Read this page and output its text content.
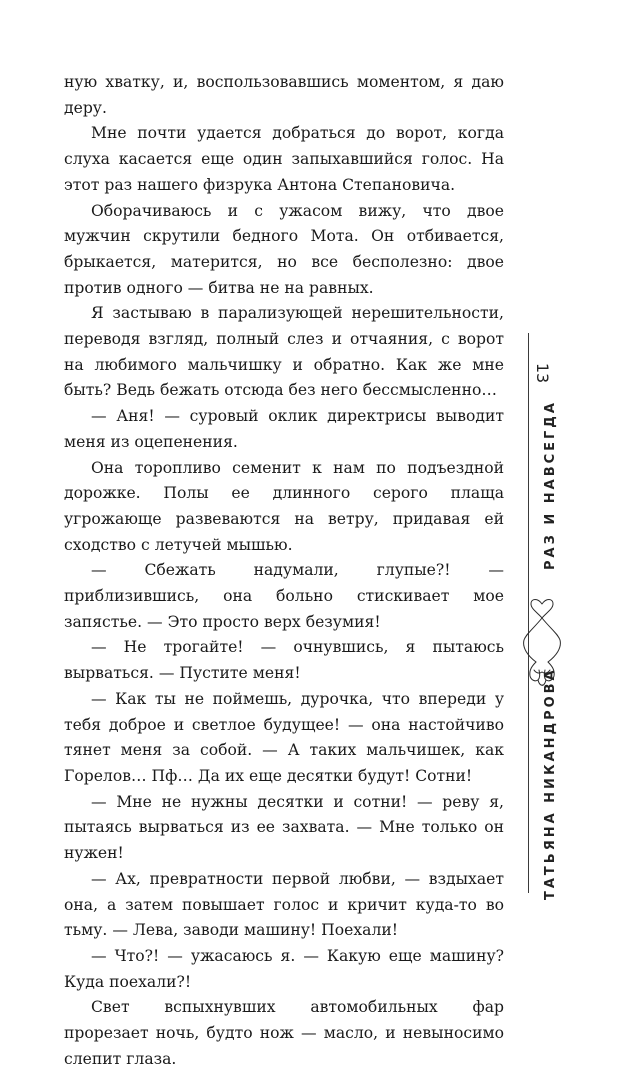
ную хватку, и, воспользовавшись моментом, я даю деру.

Мне почти удается добраться до ворот, когда слуха касается еще один запыхавшийся голос. На этот раз нашего физрука Антона Степановича.

Оборачиваюсь и с ужасом вижу, что двое мужчин скрутили бедного Мота. Он отбивается, брыкается, матерится, но все бесполезно: двое против одного — битва не на равных.

Я застываю в парализующей нерешительности, переводя взгляд, полный слез и отчаяния, с ворот на любимого мальчишку и обратно. Как же мне быть? Ведь бежать отсюда без него бессмысленно…

— Аня! — суровый оклик директрисы выводит меня из оцепенения.

Она торопливо семенит к нам по подъездной дорожке. Полы ее длинного серого плаща угрожающе развеваются на ветру, придавая ей сходство с летучей мышью.

— Сбежать надумали, глупые?! — приблизившись, она больно стискивает мое запястье. — Это просто верх безумия!

— Не трогайте! — очнувшись, я пытаюсь вырваться. — Пустите меня!

— Как ты не поймешь, дурочка, что впереди у тебя доброе и светлое будущее! — она настойчиво тянет меня за собой. — А таких мальчишек, как Горелов… Пф… Да их еще десятки будут! Сотни!

— Мне не нужны десятки и сотни! — реву я, пытаясь вырваться из ее захвата. — Мне только он нужен!

— Ах, превратности первой любви, — вздыхает она, а затем повышает голос и кричит куда-то во тьму. — Лева, заводи машину! Поехали!

— Что?! — ужасаюсь я. — Какую еще машину? Куда поехали?!

Свет вспыхнувших автомобильных фар прорезает ночь, будто нож — масло, и невыносимо слепит глаза.

13
РАЗ И НАВСЕГДА
ТАТЬЯНА НИКАНДРОВА
